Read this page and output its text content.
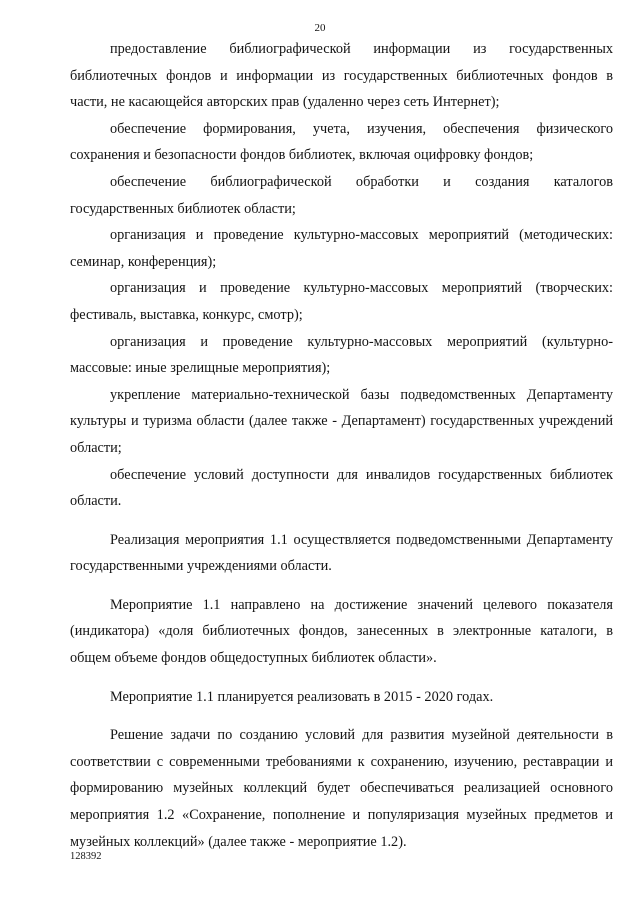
20

предоставление библиографической информации из государственных библиотечных фондов и информации из государственных библиотечных фондов в части, не касающейся авторских прав (удаленно через сеть Интернет);

обеспечение формирования, учета, изучения, обеспечения физического сохранения и безопасности фондов библиотек, включая оцифровку фондов;

обеспечение библиографической обработки и создания каталогов государственных библиотек области;

организация и проведение культурно-массовых мероприятий (методических: семинар, конференция);

организация и проведение культурно-массовых мероприятий (творческих: фестиваль, выставка, конкурс, смотр);

организация и проведение культурно-массовых мероприятий (культурно-массовые: иные зрелищные мероприятия);

укрепление материально-технической базы подведомственных Департаменту культуры и туризма области (далее также - Департамент) государственных учреждений области;

обеспечение условий доступности для инвалидов государственных библиотек области.

Реализация мероприятия 1.1 осуществляется подведомственными Департаменту государственными учреждениями области.

Мероприятие 1.1 направлено на достижение значений целевого показателя (индикатора) «доля библиотечных фондов, занесенных в электронные каталоги, в общем объеме фондов общедоступных библиотек области».

Мероприятие 1.1 планируется реализовать в 2015 - 2020 годах.

Решение задачи по созданию условий для развития музейной деятельности в соответствии с современными требованиями к сохранению, изучению, реставрации и формированию музейных коллекций будет обеспечиваться реализацией основного мероприятия 1.2 «Сохранение, пополнение и популяризация музейных предметов и музейных коллекций» (далее также - мероприятие 1.2).

128392
